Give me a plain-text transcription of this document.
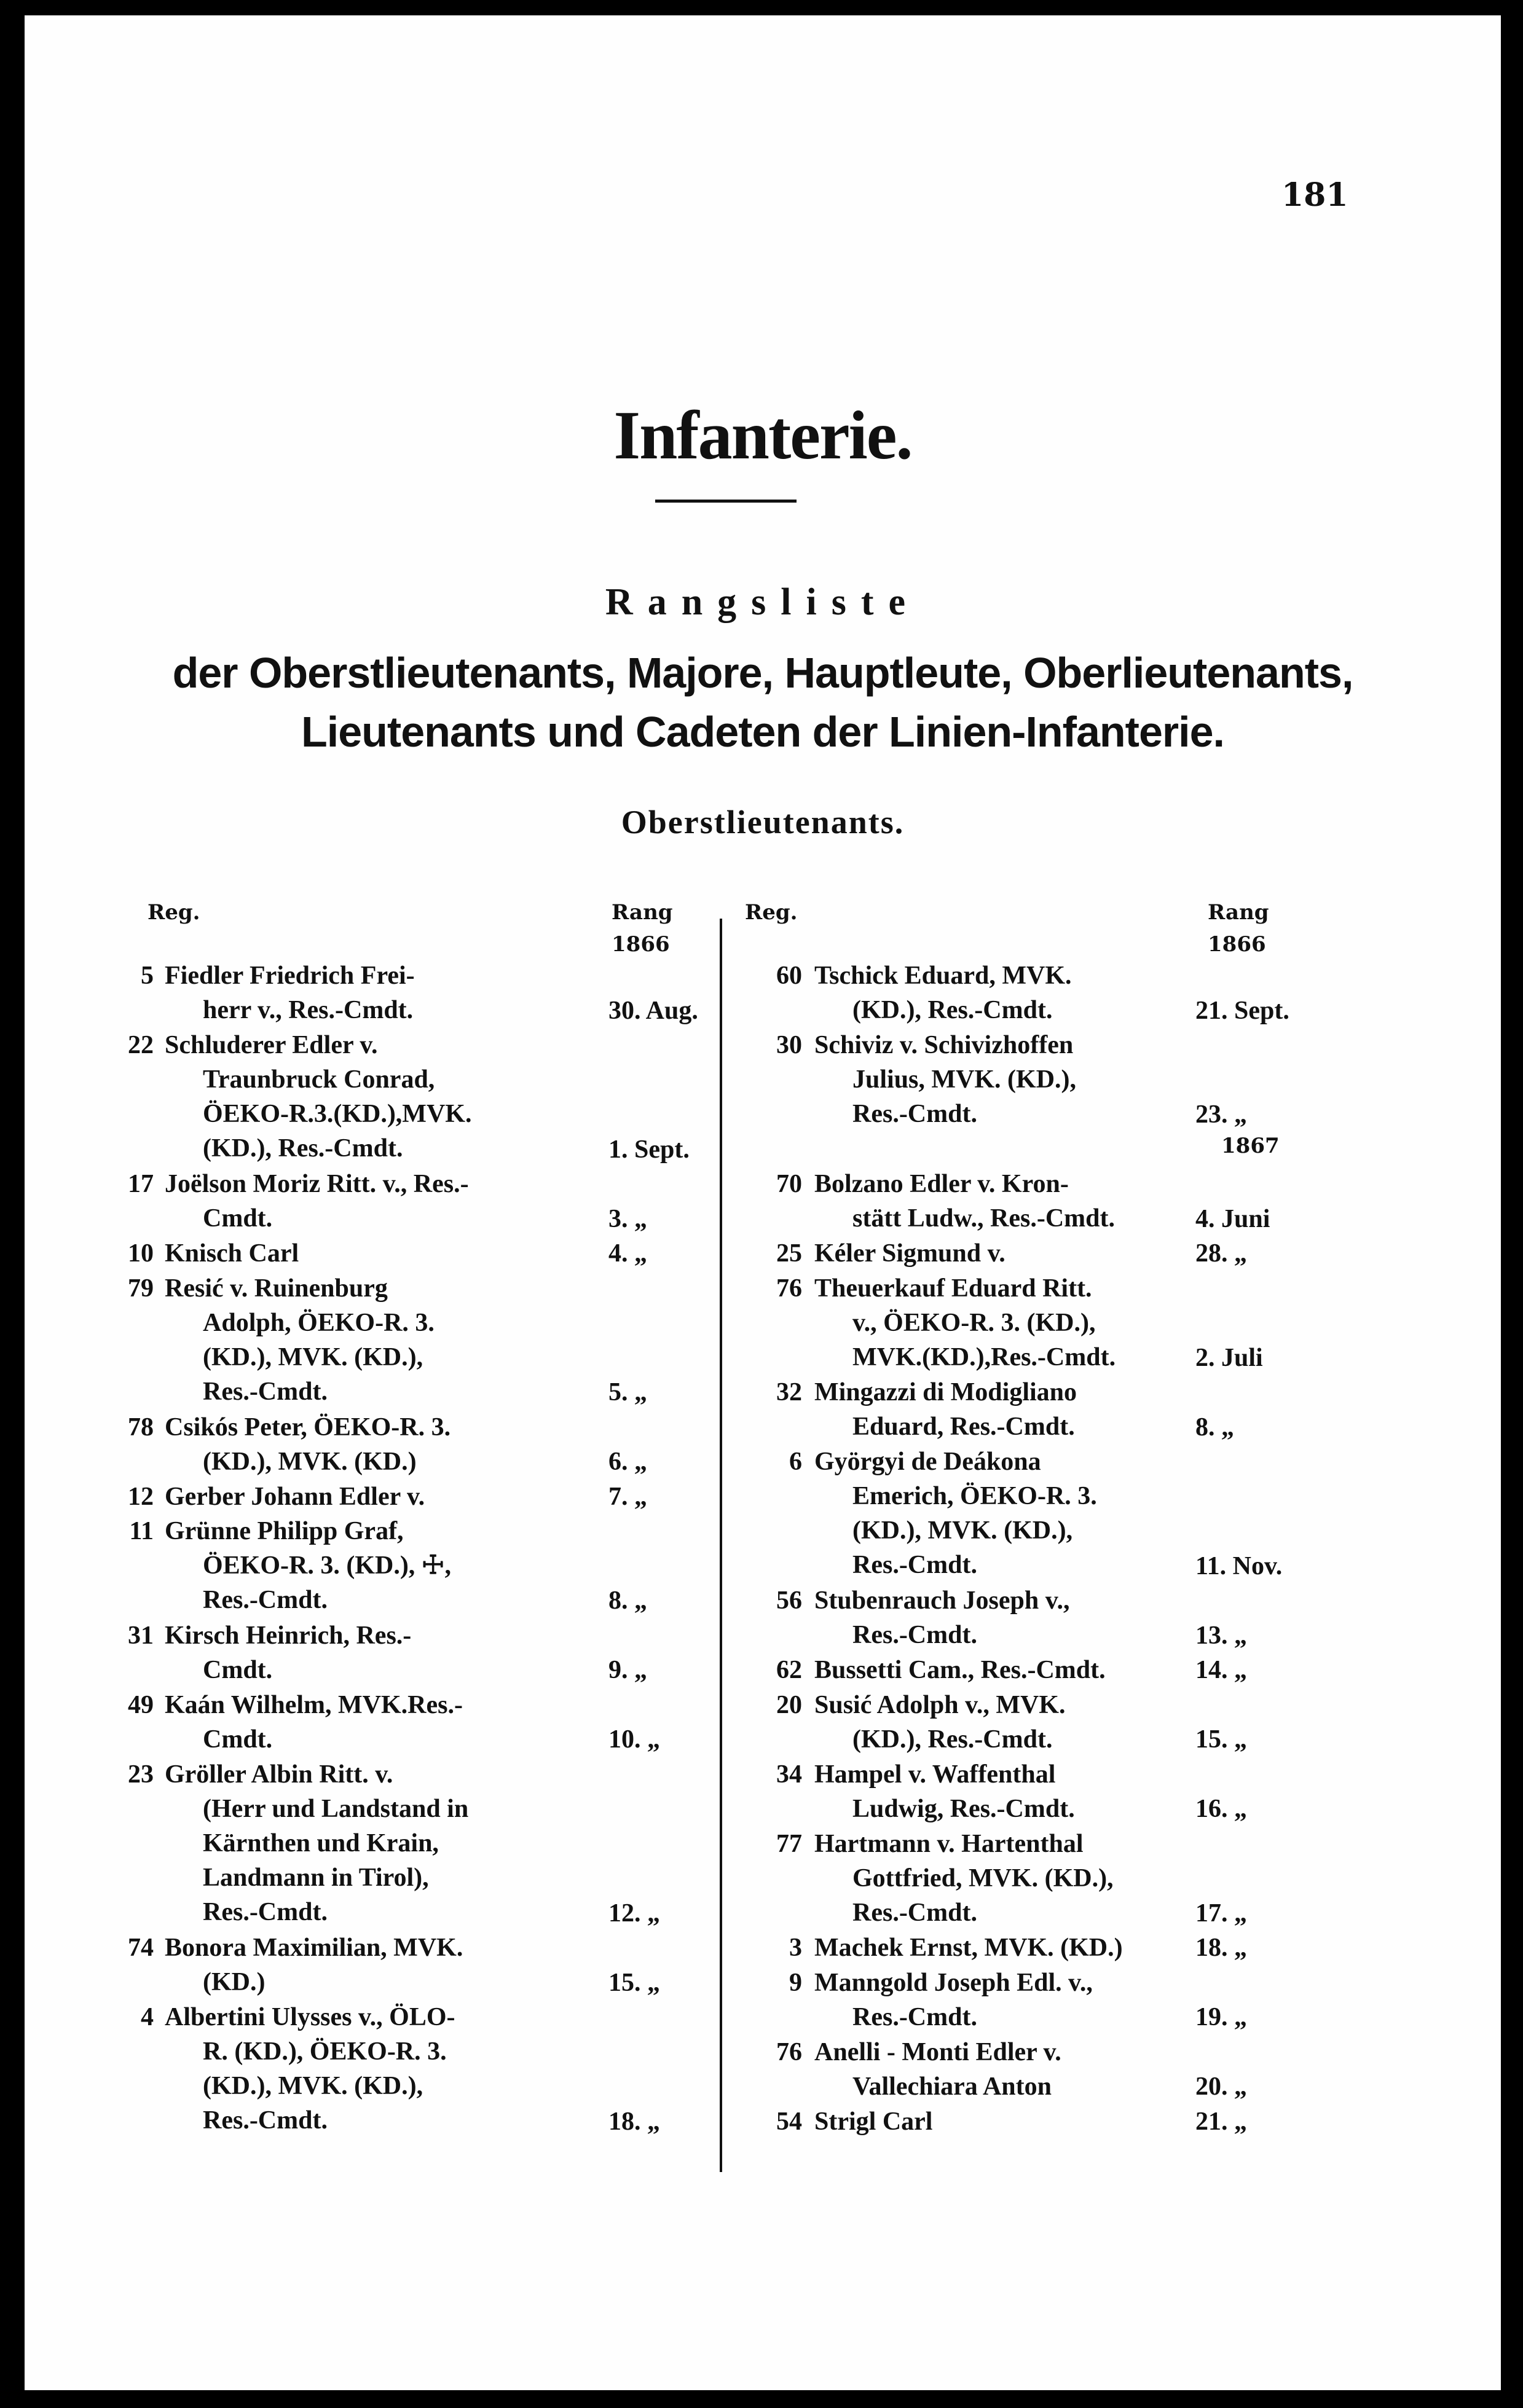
181
Infanterie.
Rangsliste
der Oberstlieutenants, Majore, Hauptleute, Oberlieutenants,
Lieutenants und Cadeten der Linien-Infanterie.
Oberstlieutenants.
Reg.	Rang
1866
Reg.	Rang
1866
5 Fiedler Friedrich Frei-
herr v., Res.-Cmdt.	30. Aug.
22 Schluderer Edler v.
Traunbruck Conrad,
ÖEKO-R.3.(KD.),MVK.
(KD.), Res.-Cmdt.	1. Sept.
17 Joëlson Moriz Ritt. v., Res.-
Cmdt.	3. „
10 Knisch Carl	4. „
79 Resić v. Ruinenburg
Adolph, ÖEKO-R. 3.
(KD.), MVK. (KD.),
Res.-Cmdt.	5. „
78 Csikós Peter, ÖEKO-R. 3.
(KD.), MVK. (KD.)	6. „
12 Gerber Johann Edler v.	7. „
11 Grünne Philipp Graf,
ÖEKO-R. 3. (KD.), ☩,
Res.-Cmdt.	8. „
31 Kirsch Heinrich, Res.-
Cmdt.	9. „
49 Kaán Wilhelm, MVK.Res.-
Cmdt.	10. „
23 Gröller Albin Ritt. v.
(Herr und Landstand in
Kärnthen und Krain,
Landmann in Tirol),
Res.-Cmdt.	12. „
74 Bonora Maximilian, MVK.
(KD.)	15. „
4 Albertini Ulysses v., ÖLO-
R. (KD.), ÖEKO-R. 3.
(KD.), MVK. (KD.),
Res.-Cmdt.	18. „
60 Tschick Eduard, MVK.
(KD.), Res.-Cmdt.	21. Sept.
30 Schiviz v. Schivizhoffen
Julius, MVK. (KD.),
Res.-Cmdt.	23. „
1867
70 Bolzano Edler v. Kron-
stätt Ludw., Res.-Cmdt.	4. Juni
25 Kéler Sigmund v.	28. „
76 Theuerkauf Eduard Ritt.
v., ÖEKO-R. 3. (KD.),
MVK.(KD.),Res.-Cmdt.	2. Juli
32 Mingazzi di Modigliano
Eduard, Res.-Cmdt.	8. „
6 Györgyi de Deákona
Emerich, ÖEKO-R. 3.
(KD.), MVK. (KD.),
Res.-Cmdt.	11. Nov.
56 Stubenrauch Joseph v.,
Res.-Cmdt.	13. „
62 Bussetti Cam., Res.-Cmdt.	14. „
20 Susić Adolph v., MVK.
(KD.), Res.-Cmdt.	15. „
34 Hampel v. Waffenthal
Ludwig, Res.-Cmdt.	16. „
77 Hartmann v. Hartenthal
Gottfried, MVK. (KD.),
Res.-Cmdt.	17. „
3 Machek Ernst, MVK. (KD.)	18. „
9 Manngold Joseph Edl. v.,
Res.-Cmdt.	19. „
76 Anelli - Monti Edler v.
Vallechiara Anton	20. „
54 Strigl Carl	21. „
